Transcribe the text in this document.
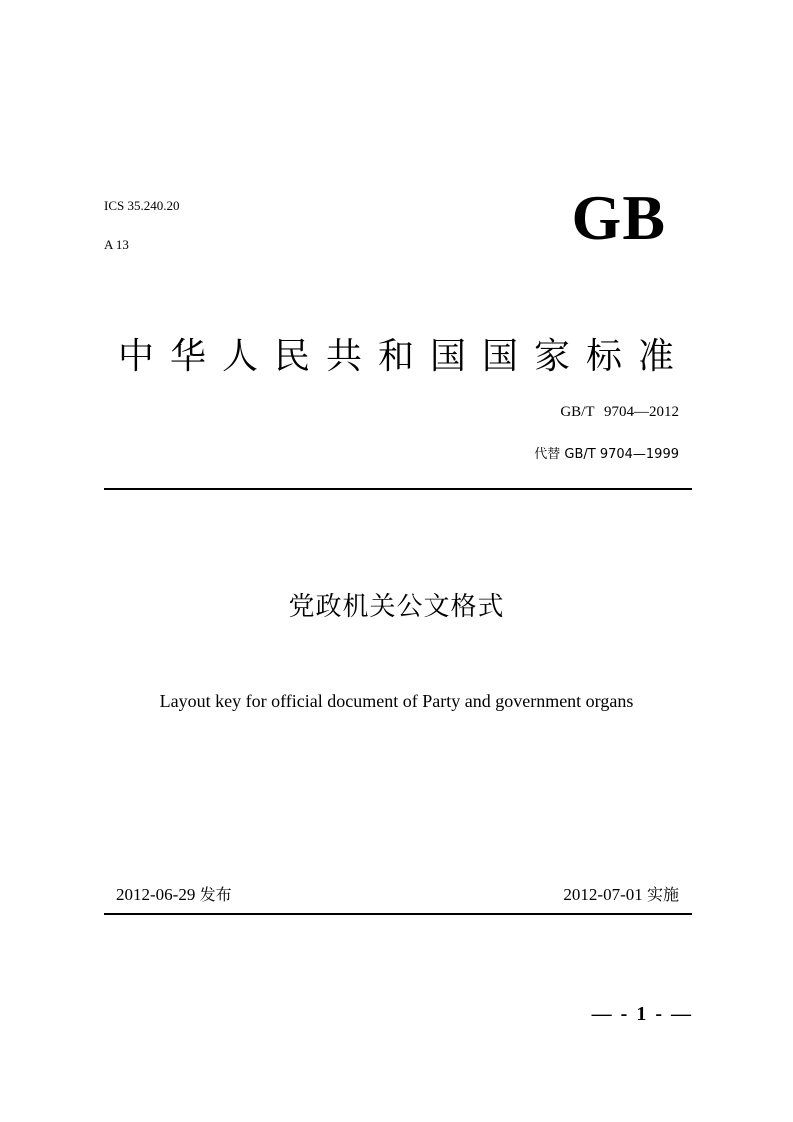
ICS 35.240.20
A 13	GB
中华人民共和国国家标准
GB/T 9704—2012
代替 GB/T 9704—1999
党政机关公文格式
Layout key for official document of Party and government organs
2012-06-29 发布	2012-07-01 实施
— - 1 - —
